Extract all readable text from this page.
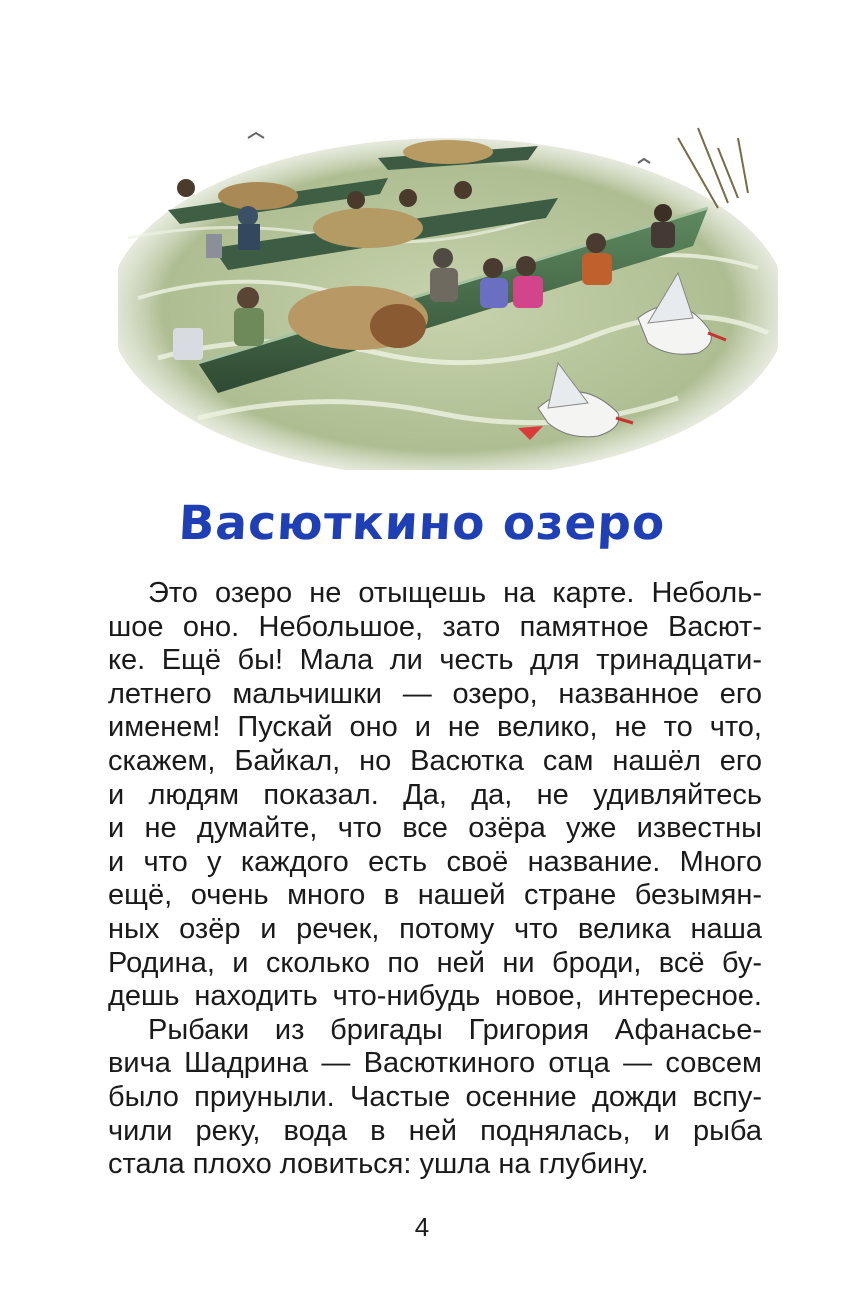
Васюткино озеро
Это озеро не отыщешь на карте. Неболь-
шое оно. Небольшое, зато памятное Васют-
ке. Ещё бы! Мала ли честь для тринадцати-
летнего мальчишки — озеро, названное его
именем! Пускай оно и не велико, не то что,
скажем, Байкал, но Васютка сам нашёл его
и людям показал. Да, да, не удивляйтесь
и не думайте, что все озёра уже известны
и что у каждого есть своё название. Много
ещё, очень много в нашей стране безымян-
ных озёр и речек, потому что велика наша
Родина, и сколько по ней ни броди, всё бу-
дешь находить что-нибудь новое, интересное.
Рыбаки из бригады Григория Афанасье-
вича Шадрина — Васюткиного отца — совсем
было приуныли. Частые осенние дожди вспу-
чили реку, вода в ней поднялась, и рыба
стала плохо ловиться: ушла на глубину.
4
